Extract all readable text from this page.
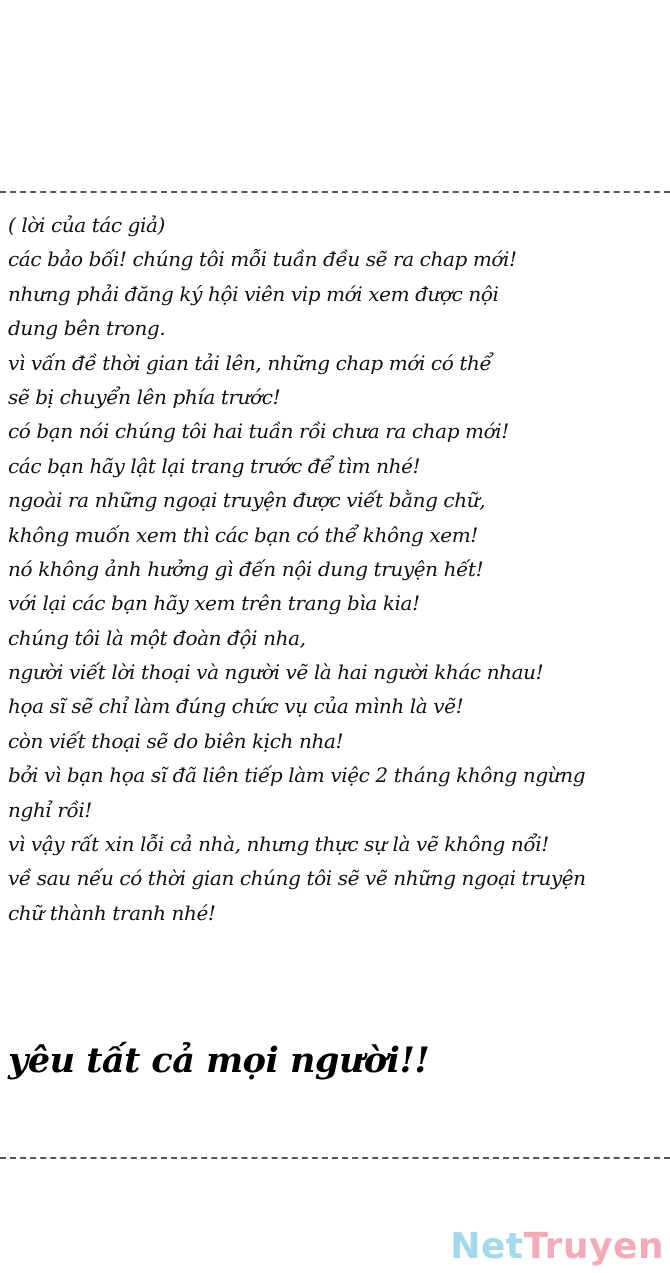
( lời của tác giả)
các bảo bối! chúng tôi mỗi tuần đều sẽ ra chap mới!
nhưng phải đăng ký hội viên vip mới xem được nội
dung bên trong.
vì vấn đề thời gian tải lên, những chap mới có thể
sẽ bị chuyển lên phía trước!
có bạn nói chúng tôi hai tuần rồi chưa ra chap mới!
các bạn hãy lật lại trang trước để tìm nhé!
ngoài ra những ngoại truyện được viết bằng chữ,
không muốn xem thì các bạn có thể không xem!
nó không ảnh hưởng gì đến nội dung truyện hết!
với lại các bạn hãy xem trên trang bìa kia!
chúng tôi là một đoàn đội nha,
người viết lời thoại và người vẽ là hai người khác nhau!
họa sĩ sẽ chỉ làm đúng chức vụ của mình là vẽ!
còn viết thoại sẽ do biên kịch nha!
bởi vì bạn họa sĩ đã liên tiếp làm việc 2 tháng không ngừng
nghỉ rồi!
vì vậy rất xin lỗi cả nhà, nhưng thực sự là vẽ không nổi!
về sau nếu có thời gian chúng tôi sẽ vẽ những ngoại truyện
chữ thành tranh nhé!
yêu tất cả mọi người!!
NetTruyen
